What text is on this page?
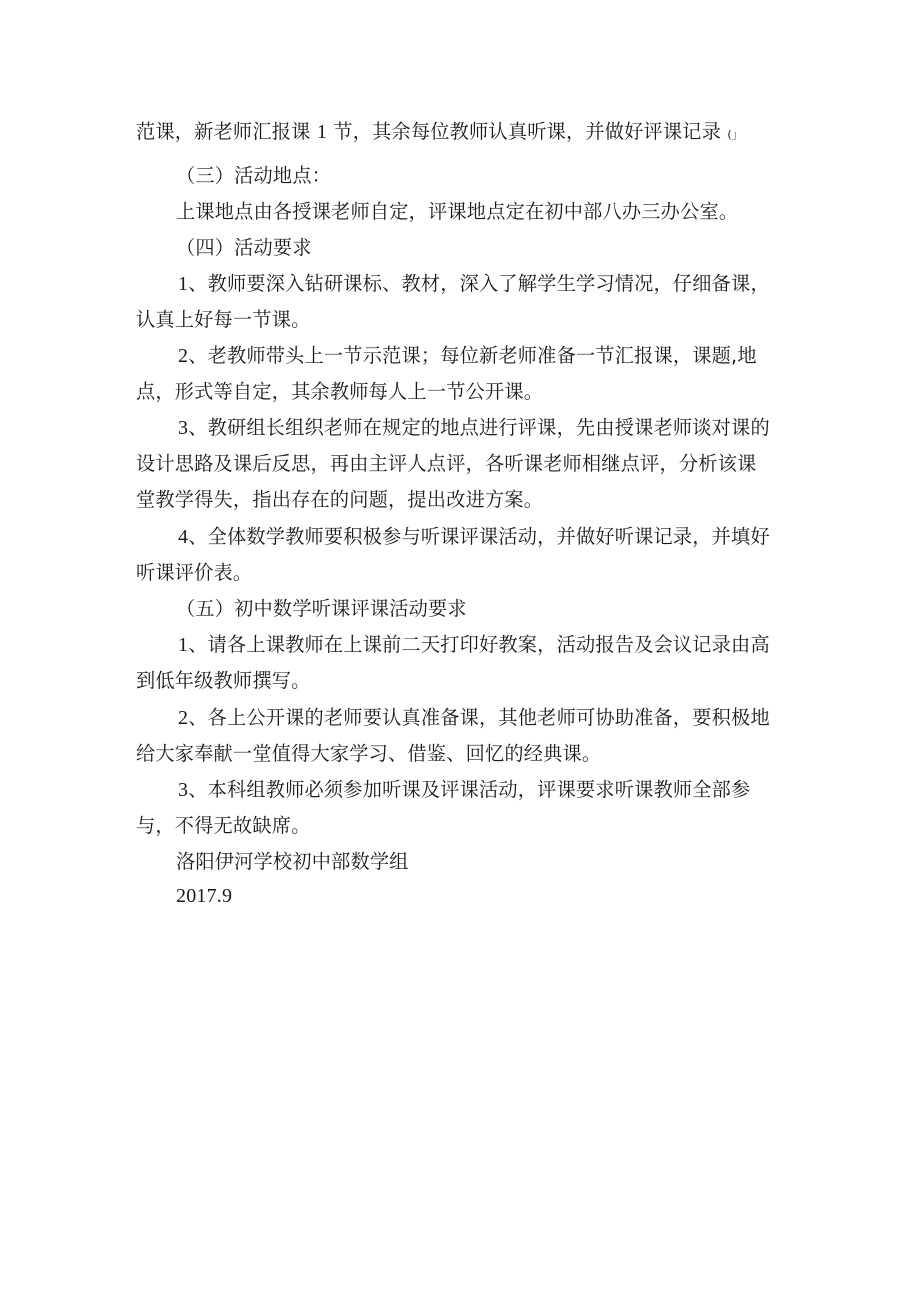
范课，新老师汇报课 1 节，其余每位教师认真听课，并做好评课记录 (」
（三）活动地点：
上课地点由各授课老师自定，评课地点定在初中部八办三办公室。
（四）活动要求
1、教师要深入钻研课标、教材，深入了解学生学习情况，仔细备课，
认真上好每一节课。
2、老教师带头上一节示范课；每位新老师准备一节汇报课，课题,地
点，形式等自定，其余教师每人上一节公开课。
3、教研组长组织老师在规定的地点进行评课，先由授课老师谈对课的
设计思路及课后反思，再由主评人点评，各听课老师相继点评，分析该课
堂教学得失，指出存在的问题，提出改进方案。
4、全体数学教师要积极参与听课评课活动，并做好听课记录，并填好
听课评价表。
（五）初中数学听课评课活动要求
1、请各上课教师在上课前二天打印好教案，活动报告及会议记录由高
到低年级教师撰写。
2、各上公开课的老师要认真准备课，其他老师可协助准备，要积极地
给大家奉献一堂值得大家学习、借鉴、回忆的经典课。
3、本科组教师必须参加听课及评课活动，评课要求听课教师全部参
与，不得无故缺席。
洛阳伊河学校初中部数学组
2017.9
